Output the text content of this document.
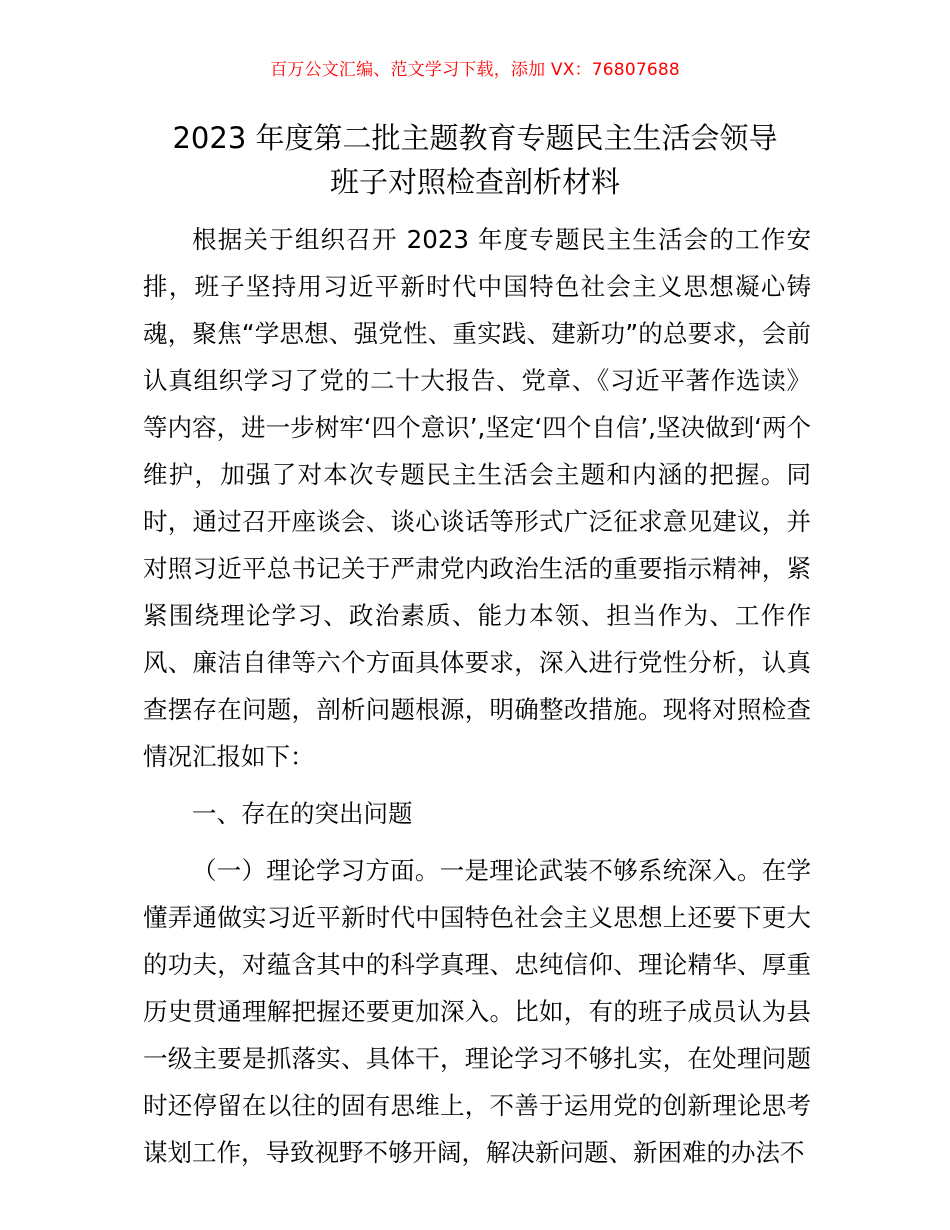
百万公文汇编、范文学习下载，添加 VX：76807688
2023 年度第二批主题教育专题民主生活会领导
班子对照检查剖析材料

根据关于组织召开 2023 年度专题民主生活会的工作安排，班子坚持用习近平新时代中国特色社会主义思想凝心铸魂，聚焦“学思想、强党性、重实践、建新功”的总要求，会前认真组织学习了党的二十大报告、党章、《习近平著作选读》等内容，进一步树牢‘四个意识’,坚定‘四个自信’,坚决做到‘两个维护，加强了对本次专题民主生活会主题和内涵的把握。同时，通过召开座谈会、谈心谈话等形式广泛征求意见建议，并对照习近平总书记关于严肃党内政治生活的重要指示精神，紧紧围绕理论学习、政治素质、能力本领、担当作为、工作作风、廉洁自律等六个方面具体要求，深入进行党性分析，认真查摆存在问题，剖析问题根源，明确整改措施。现将对照检查情况汇报如下：

一、存在的突出问题

（一）理论学习方面。一是理论武装不够系统深入。在学懂弄通做实习近平新时代中国特色社会主义思想上还要下更大的功夫，对蕴含其中的科学真理、忠纯信仰、理论精华、厚重历史贯通理解把握还要更加深入。比如，有的班子成员认为县一级主要是抓落实、具体干，理论学习不够扎实，在处理问题时还停留在以往的固有思维上，不善于运用党的创新理论思考谋划工作，导致视野不够开阔，解决新问题、新困难的办法不
